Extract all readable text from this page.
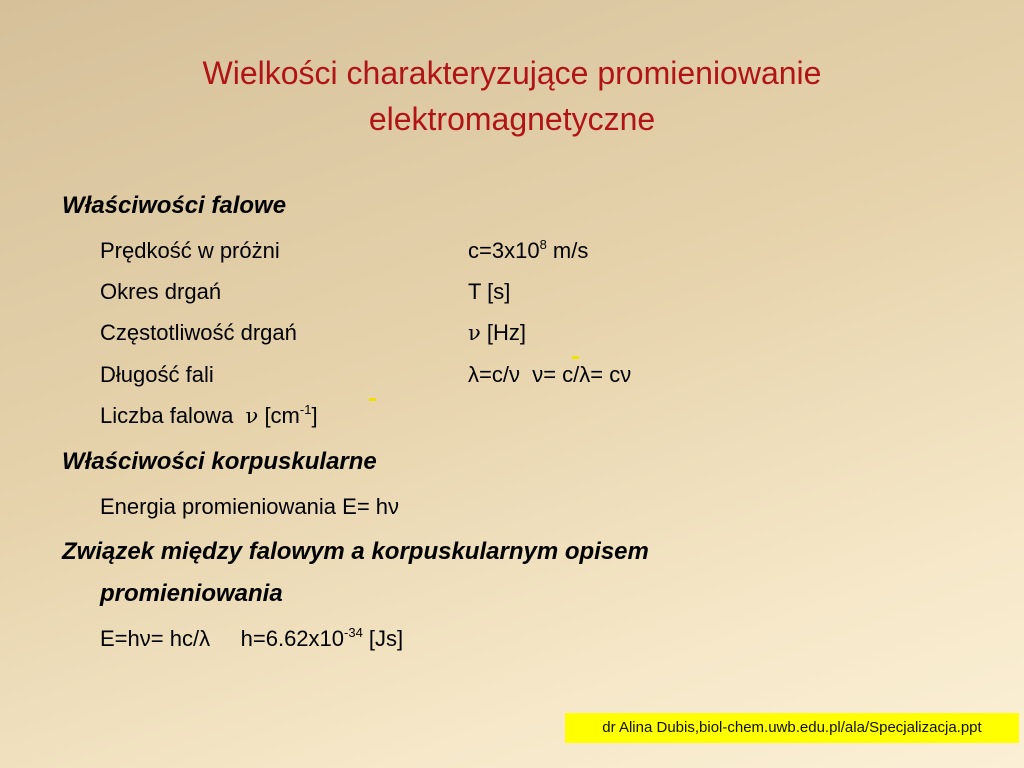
Wielkości charakteryzujące promieniowanie
elektromagnetyczne
Właściwości falowe
Prędkość w próżni	$c=3x10^8$ m/s
Okres drgań	T [s]
Częstotliwość drgań	ν [Hz]
Długość fali	λ=c/ν ν= c/λ= cν
Liczba falowa ν $[cm^{-1}]$
Właściwości korpuskularne
Energia promieniowania E= hν
Związek między falowym a korpuskularnym opisem
promieniowania
E=hν= hc/λ $h=6.62x10^{-34}$ [Js]
dr Alina Dubis,biol-chem.uwb.edu.pl/ala/Specjalizacja.ppt
